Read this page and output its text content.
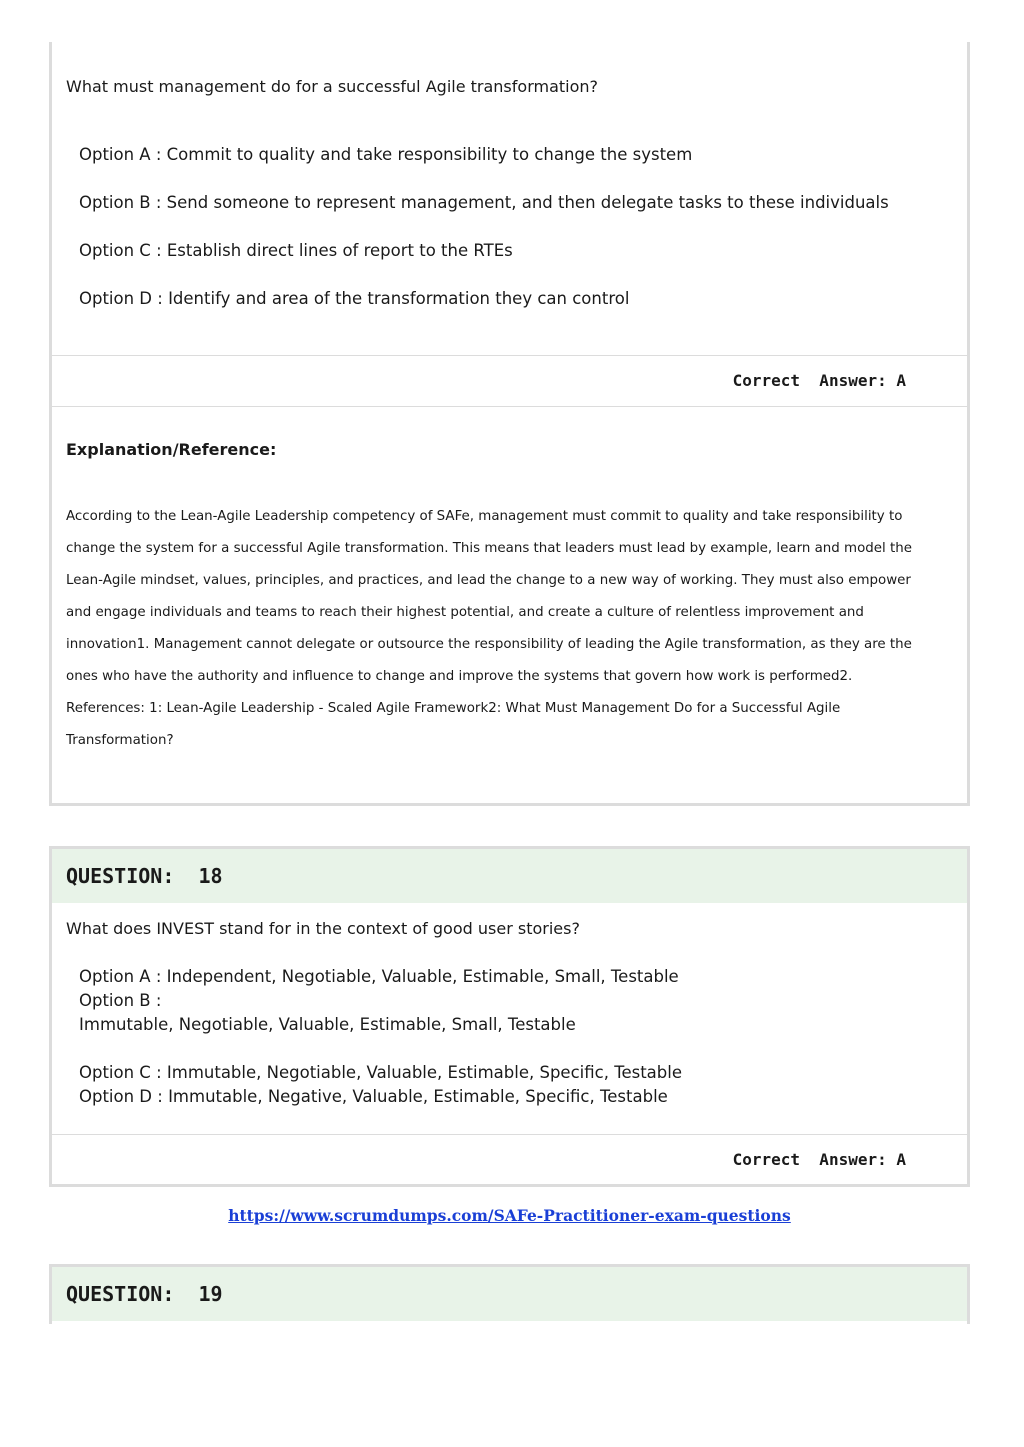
What must management do for a successful Agile transformation?
Option A : Commit to quality and take responsibility to change the system
Option B : Send someone to represent management, and then delegate tasks to these individuals
Option C : Establish direct lines of report to the RTEs
Option D : Identify and area of the transformation they can control
Correct  Answer: A
Explanation/Reference:
According to the Lean-Agile Leadership competency of SAFe, management must commit to quality and take responsibility to
change the system for a successful Agile transformation. This means that leaders must lead by example, learn and model the
Lean-Agile mindset, values, principles, and practices, and lead the change to a new way of working. They must also empower
and engage individuals and teams to reach their highest potential, and create a culture of relentless improvement and
innovation1. Management cannot delegate or outsource the responsibility of leading the Agile transformation, as they are the
ones who have the authority and influence to change and improve the systems that govern how work is performed2.
References: 1: Lean-Agile Leadership - Scaled Agile Framework2: What Must Management Do for a Successful Agile
Transformation?
QUESTION:  18
What does INVEST stand for in the context of good user stories?
Option A : Independent, Negotiable, Valuable, Estimable, Small, Testable
Option B :
Immutable, Negotiable, Valuable, Estimable, Small, Testable
Option C : Immutable, Negotiable, Valuable, Estimable, Specific, Testable
Option D : Immutable, Negative, Valuable, Estimable, Specific, Testable
Correct  Answer: A
https://www.scrumdumps.com/SAFe-Practitioner-exam-questions
QUESTION:  19
